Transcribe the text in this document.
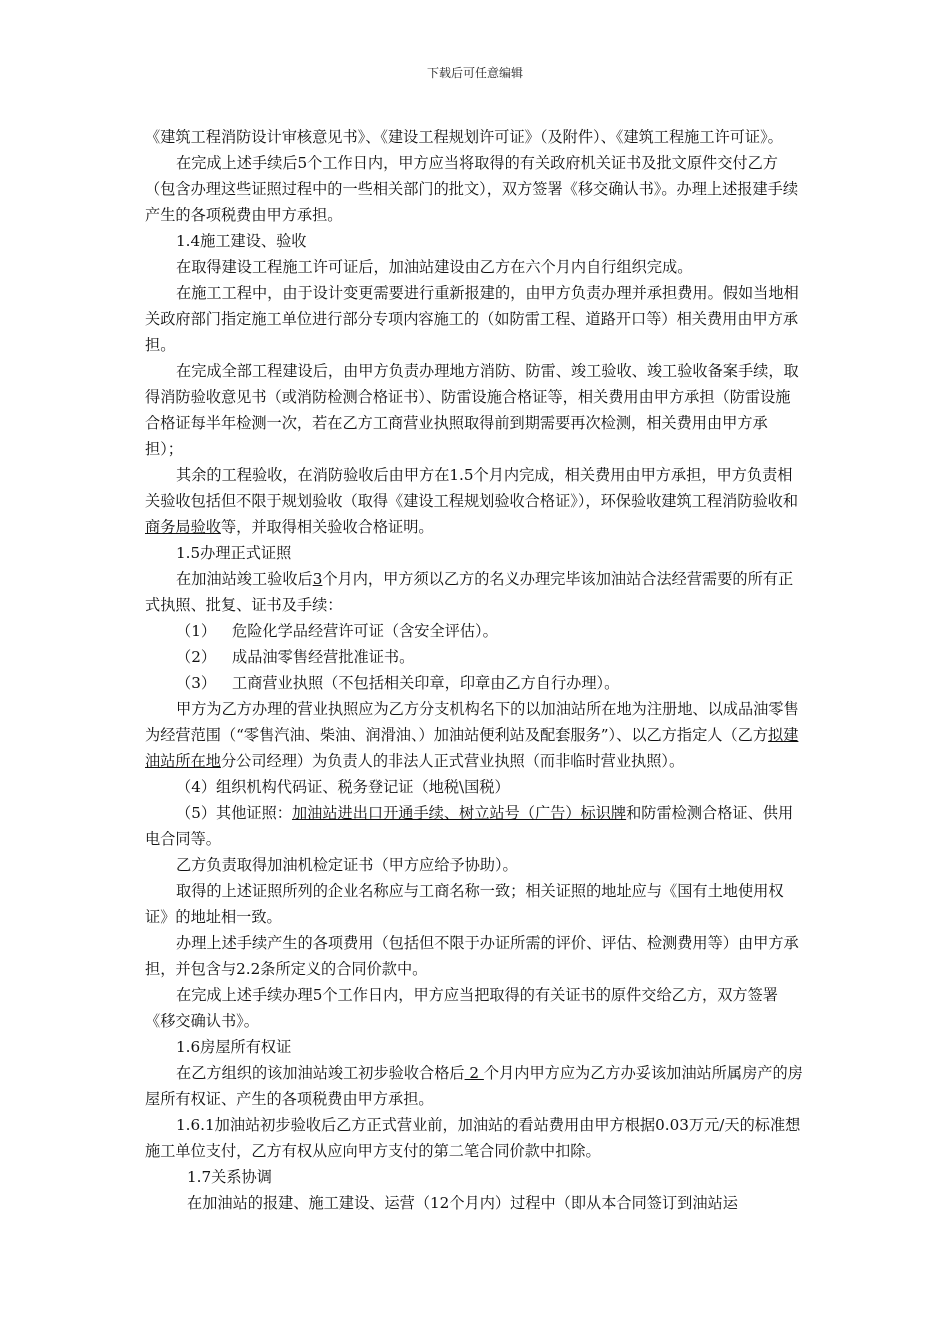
下载后可任意编辑

《建筑工程消防设计审核意见书》、《建设工程规划许可证》（及附件）、《建筑工程施工许可证》。

在完成上述手续后5个工作日内，甲方应当将取得的有关政府机关证书及批文原件交付乙方（包含办理这些证照过程中的一些相关部门的批文），双方签署《移交确认书》。办理上述报建手续产生的各项税费由甲方承担。

1.4施工建设、验收

在取得建设工程施工许可证后，加油站建设由乙方在六个月内自行组织完成。

在施工工程中，由于设计变更需要进行重新报建的，由甲方负责办理并承担费用。假如当地相关政府部门指定施工单位进行部分专项内容施工的（如防雷工程、道路开口等）相关费用由甲方承担。

在完成全部工程建设后，由甲方负责办理地方消防、防雷、竣工验收、竣工验收备案手续，取得消防验收意见书（或消防检测合格证书）、防雷设施合格证等，相关费用由甲方承担（防雷设施合格证每半年检测一次，若在乙方工商营业执照取得前到期需要再次检测，相关费用由甲方承担）；

其余的工程验收，在消防验收后由甲方在1.5个月内完成，相关费用由甲方承担，甲方负责相关验收包括但不限于规划验收（取得《建设工程规划验收合格证》），环保验收建筑工程消防验收和商务局验收等，并取得相关验收合格证明。

1.5办理正式证照

在加油站竣工验收后3个月内，甲方须以乙方的名义办理完毕该加油站合法经营需要的所有正式执照、批复、证书及手续：

（1） 危险化学品经营许可证（含安全评估）。

（2） 成品油零售经营批准证书。

（3） 工商营业执照（不包括相关印章，印章由乙方自行办理）。

甲方为乙方办理的营业执照应为乙方分支机构名下的以加油站所在地为注册地、以成品油零售为经营范围（“零售汽油、柴油、润滑油、）加油站便利站及配套服务”）、以乙方指定人（乙方拟建油站所在地分公司经理）为负责人的非法人正式营业执照（而非临时营业执照）。

（4）组织机构代码证、税务登记证（地税\国税）

（5）其他证照：加油站进出口开通手续、树立站号（广告）标识牌和防雷检测合格证、供用电合同等。

乙方负责取得加油机检定证书（甲方应给予协助）。

取得的上述证照所列的企业名称应与工商名称一致；相关证照的地址应与《国有土地使用权证》的地址相一致。

办理上述手续产生的各项费用（包括但不限于办证所需的评价、评估、检测费用等）由甲方承担，并包含与2.2条所定义的合同价款中。

在完成上述手续办理5个工作日内，甲方应当把取得的有关证书的原件交给乙方，双方签署《移交确认书》。

1.6房屋所有权证

在乙方组织的该加油站竣工初步验收合格后 2 个月内甲方应为乙方办妥该加油站所属房产的房屋所有权证、产生的各项税费由甲方承担。

1.6.1加油站初步验收后乙方正式营业前，加油站的看站费用由甲方根据0.03万元/天的标准想施工单位支付，乙方有权从应向甲方支付的第二笔合同价款中扣除。

1.7关系协调

在加油站的报建、施工建设、运营（12个月内）过程中（即从本合同签订到油站运
